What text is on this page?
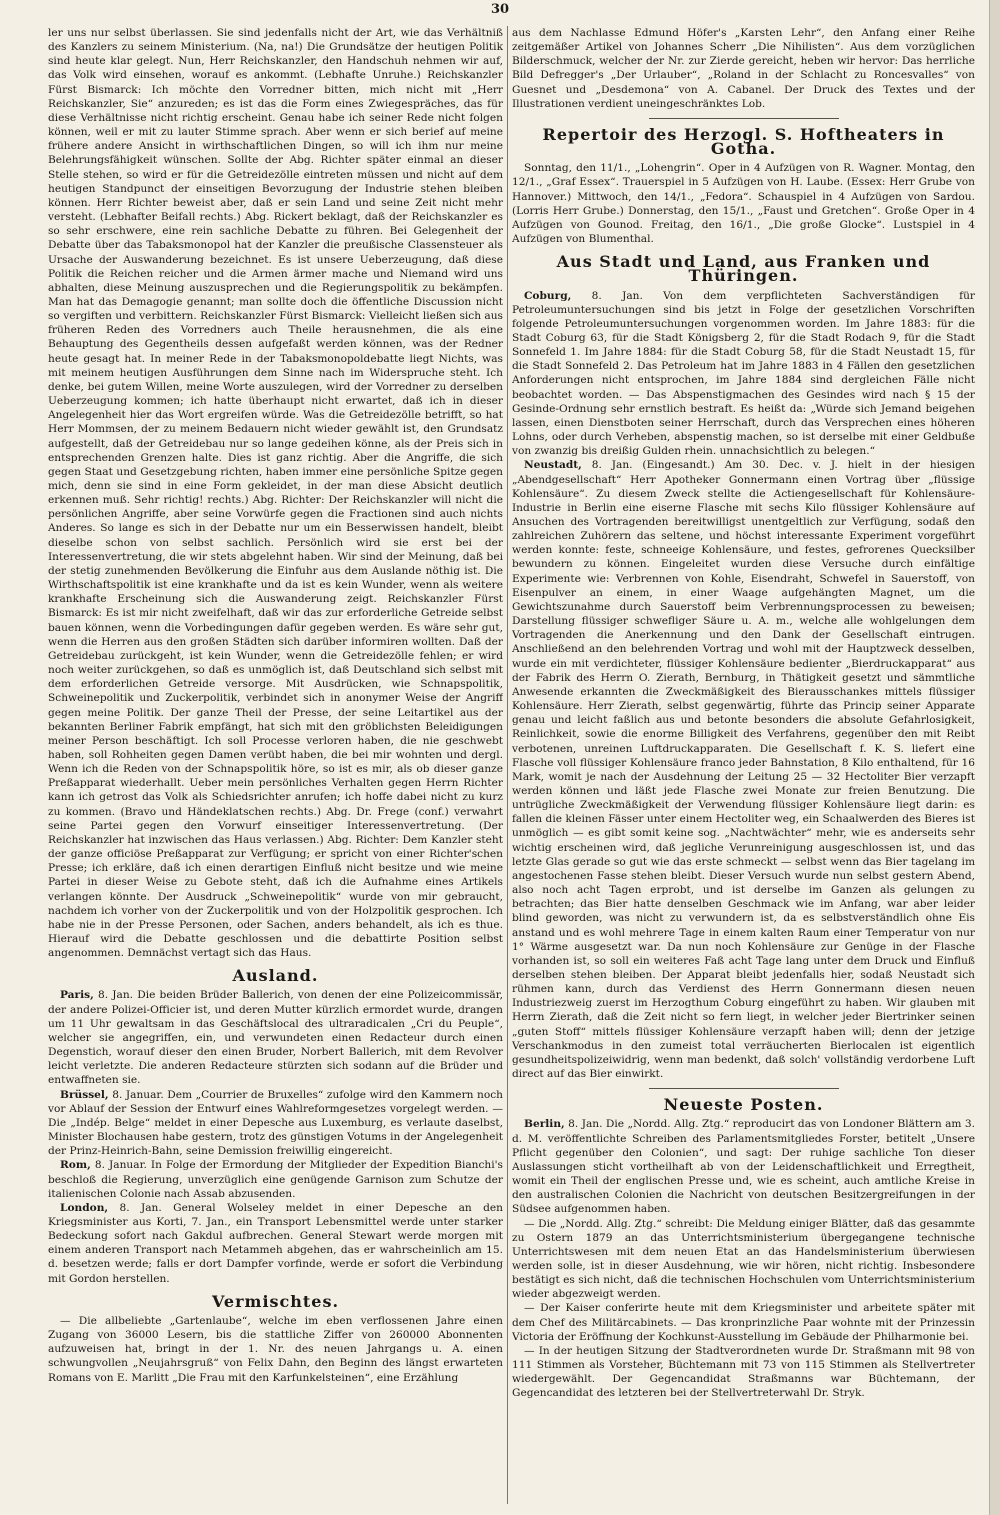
30

ler uns nur selbst überlassen. Sie sind jedenfalls nicht der Art, wie das Verhältniß des Kanzlers zu seinem Ministerium. (Na, na!) Die Grundsätze der heutigen Politik sind heute klar gelegt. Nun, Herr Reichskanzler, den Handschuh nehmen wir auf, das Volk wird einsehen, worauf es ankommt. (Lebhafte Unruhe.) Reichskanzler Fürst Bismarck: Ich möchte den Vorredner bitten, mich nicht mit „Herr Reichskanzler, Sie“ anzureden; es ist das die Form eines Zwiegespräches, das für diese Verhältnisse nicht richtig erscheint. Genau habe ich seiner Rede nicht folgen können, weil er mit zu lauter Stimme sprach. Aber wenn er sich berief auf meine frühere andere Ansicht in wirthschaftlichen Dingen, so will ich ihm nur meine Belehrungsfähigkeit wünschen. Sollte der Abg. Richter später einmal an dieser Stelle stehen, so wird er für die Getreidezölle eintreten müssen und nicht auf dem heutigen Standpunct der einseitigen Bevorzugung der Industrie stehen bleiben können. Herr Richter beweist aber, daß er sein Land und seine Zeit nicht mehr versteht. (Lebhafter Beifall rechts.) Abg. Rickert beklagt, daß der Reichskanzler es so sehr erschwere, eine rein sachliche Debatte zu führen. Bei Gelegenheit der Debatte über das Tabaksmonopol hat der Kanzler die preußische Classensteuer als Ursache der Auswanderung bezeichnet. Es ist unsere Ueberzeugung, daß diese Politik die Reichen reicher und die Armen ärmer mache und Niemand wird uns abhalten, diese Meinung auszusprechen und die Regierungspolitik zu bekämpfen. Man hat das Demagogie genannt; man sollte doch die öffentliche Discussion nicht so vergiften und verbittern. Reichskanzler Fürst Bismarck: Vielleicht ließen sich aus früheren Reden des Vorredners auch Theile herausnehmen, die als eine Behauptung des Gegentheils dessen aufgefaßt werden können, was der Redner heute gesagt hat. In meiner Rede in der Tabaksmonopoldebatte liegt Nichts, was mit meinem heutigen Ausführungen dem Sinne nach im Widerspruche steht. Ich denke, bei gutem Willen, meine Worte auszulegen, wird der Vorredner zu derselben Ueberzeugung kommen; ich hatte überhaupt nicht erwartet, daß ich in dieser Angelegenheit hier das Wort ergreifen würde. Was die Getreidezölle betrifft, so hat Herr Mommsen, der zu meinem Bedauern nicht wieder gewählt ist, den Grundsatz aufgestellt, daß der Getreidebau nur so lange gedeihen könne, als der Preis sich in entsprechenden Grenzen halte. Dies ist ganz richtig. Aber die Angriffe, die sich gegen Staat und Gesetzgebung richten, haben immer eine persönliche Spitze gegen mich, denn sie sind in eine Form gekleidet, in der man diese Absicht deutlich erkennen muß. Sehr richtig! rechts.) Abg. Richter: Der Reichskanzler will nicht die persönlichen Angriffe, aber seine Vorwürfe gegen die Fractionen sind auch nichts Anderes. So lange es sich in der Debatte nur um ein Besserwissen handelt, bleibt dieselbe schon von selbst sachlich. Persönlich wird sie erst bei der Interessenvertretung, die wir stets abgelehnt haben. Wir sind der Meinung, daß bei der stetig zunehmenden Bevölkerung die Einfuhr aus dem Auslande nöthig ist. Die Wirthschaftspolitik ist eine krankhafte und da ist es kein Wunder, wenn als weitere krankhafte Erscheinung sich die Auswanderung zeigt. Reichskanzler Fürst Bismarck: Es ist mir nicht zweifelhaft, daß wir das zur erforderliche Getreide selbst bauen können, wenn die Vorbedingungen dafür gegeben werden. Es wäre sehr gut, wenn die Herren aus den großen Städten sich darüber informiren wollten. Daß der Getreidebau zurückgeht, ist kein Wunder, wenn die Getreidezölle fehlen; er wird noch weiter zurückgehen, so daß es unmöglich ist, daß Deutschland sich selbst mit dem erforderlichen Getreide versorge. Mit Ausdrücken, wie Schnapspolitik, Schweinepolitik und Zuckerpolitik, verbindet sich in anonymer Weise der Angriff gegen meine Politik. Der ganze Theil der Presse, der seine Leitartikel aus der bekannten Berliner Fabrik empfängt, hat sich mit den gröblichsten Beleidigungen meiner Person beschäftigt. Ich soll Processe verloren haben, die nie geschwebt haben, soll Rohheiten gegen Damen verübt haben, die bei mir wohnten und dergl. Wenn ich die Reden von der Schnapspolitik höre, so ist es mir, als ob dieser ganze Preßapparat wiederhallt. Ueber mein persönliches Verhalten gegen Herrn Richter kann ich getrost das Volk als Schiedsrichter anrufen; ich hoffe dabei nicht zu kurz zu kommen. (Bravo und Händeklatschen rechts.) Abg. Dr. Frege (conf.) verwahrt seine Partei gegen den Vorwurf einseitiger Interessenvertretung. (Der Reichskanzler hat inzwischen das Haus verlassen.) Abg. Richter: Dem Kanzler steht der ganze officiöse Preßapparat zur Verfügung; er spricht von einer Richter'schen Presse; ich erkläre, daß ich einen derartigen Einfluß nicht besitze und wie meine Partei in dieser Weise zu Gebote steht, daß ich die Aufnahme eines Artikels verlangen könnte. Der Ausdruck „Schweinepolitik“ wurde von mir gebraucht, nachdem ich vorher von der Zuckerpolitik und von der Holzpolitik gesprochen. Ich habe nie in der Presse Personen, oder Sachen, anders behandelt, als ich es thue. Hierauf wird die Debatte geschlossen und die debattirte Position selbst angenommen. Demnächst vertagt sich das Haus.

Ausland.

Paris, 8. Jan. Die beiden Brüder Ballerich, von denen der eine Polizeicommissär, der andere Polizei-Officier ist, und deren Mutter kürzlich ermordet wurde, drangen um 11 Uhr gewaltsam in das Geschäftslocal des ultraradicalen „Cri du Peuple“, welcher sie angegriffen, ein, und verwundeten einen Redacteur durch einen Degenstich, worauf dieser den einen Bruder, Norbert Ballerich, mit dem Revolver leicht verletzte. Die anderen Redacteure stürzten sich sodann auf die Brüder und entwaffneten sie.

Brüssel, 8. Januar. Dem „Courrier de Bruxelles“ zufolge wird den Kammern noch vor Ablauf der Session der Entwurf eines Wahlreformgesetzes vorgelegt werden. — Die „Indép. Belge“ meldet in einer Depesche aus Luxemburg, es verlaute daselbst, Minister Blochausen habe gestern, trotz des günstigen Votums in der Angelegenheit der Prinz-Heinrich-Bahn, seine Demission freiwillig eingereicht.

Rom, 8. Januar. In Folge der Ermordung der Mitglieder der Expedition Bianchi's beschloß die Regierung, unverzüglich eine genügende Garnison zum Schutze der italienischen Colonie nach Assab abzusenden.

London, 8. Jan. General Wolseley meldet in einer Depesche an den Kriegsminister aus Korti, 7. Jan., ein Transport Lebensmittel werde unter starker Bedeckung sofort nach Gakdul aufbrechen. General Stewart werde morgen mit einem anderen Transport nach Metammeh abgehen, das er wahrscheinlich am 15. d. besetzen werde; falls er dort Dampfer vorfinde, werde er sofort die Verbindung mit Gordon herstellen.

Vermischtes.

— Die allbeliebte „Gartenlaube“, welche im eben verflossenen Jahre einen Zugang von 36000 Lesern, bis die stattliche Ziffer von 260000 Abonnenten aufzuweisen hat, bringt in der 1. Nr. des neuen Jahrgangs u. A. einen schwungvollen „Neujahrsgruß“ von Felix Dahn, den Beginn des längst erwarteten Romans von E. Marlitt „Die Frau mit den Karfunkelsteinen“, eine Erzählung

aus dem Nachlasse Edmund Höfer's „Karsten Lehr“, den Anfang einer Reihe zeitgemäßer Artikel von Johannes Scherr „Die Nihilisten“. Aus dem vorzüglichen Bilderschmuck, welcher der Nr. zur Zierde gereicht, heben wir hervor: Das herrliche Bild Defregger's „Der Urlauber“, „Roland in der Schlacht zu Roncesvalles“ von Guesnet und „Desdemona“ von A. Cabanel. Der Druck des Textes und der Illustrationen verdient uneingeschränktes Lob.

Repertoir des Herzogl. S. Hoftheaters in Gotha.

Sonntag, den 11/1., „Lohengrin“. Oper in 4 Aufzügen von R. Wagner. Montag, den 12/1., „Graf Essex“. Trauerspiel in 5 Aufzügen von H. Laube. (Essex: Herr Grube von Hannover.) Mittwoch, den 14/1., „Fedora“. Schauspiel in 4 Aufzügen von Sardou. (Lorris Herr Grube.) Donnerstag, den 15/1., „Faust und Gretchen“. Große Oper in 4 Aufzügen von Gounod. Freitag, den 16/1., „Die große Glocke“. Lustspiel in 4 Aufzügen von Blumenthal.

Aus Stadt und Land, aus Franken und Thüringen.

Coburg, 8. Jan. Von dem verpflichteten Sachverständigen für Petroleumuntersuchungen sind bis jetzt in Folge der gesetzlichen Vorschriften folgende Petroleumuntersuchungen vorgenommen worden. Im Jahre 1883: für die Stadt Coburg 63, für die Stadt Königsberg 2, für die Stadt Rodach 9, für die Stadt Sonnefeld 1. Im Jahre 1884: für die Stadt Coburg 58, für die Stadt Neustadt 15, für die Stadt Sonnefeld 2. Das Petroleum hat im Jahre 1883 in 4 Fällen den gesetzlichen Anforderungen nicht entsprochen, im Jahre 1884 sind dergleichen Fälle nicht beobachtet worden. — Das Abspenstigmachen des Gesindes wird nach § 15 der Gesinde-Ordnung sehr ernstlich bestraft. Es heißt da: „Würde sich Jemand beigehen lassen, einen Dienstboten seiner Herrschaft, durch das Versprechen eines höheren Lohns, oder durch Verheben, abspenstig machen, so ist derselbe mit einer Geldbuße von zwanzig bis dreißig Gulden rhein. unnachsichtlich zu belegen.“

Neustadt, 8. Jan. (Eingesandt.) Am 30. Dec. v. J. hielt in der hiesigen „Abendgesellschaft“ Herr Apotheker Gonnermann einen Vortrag über „flüssige Kohlensäure“. Zu diesem Zweck stellte die Actiengesellschaft für Kohlensäure-Industrie in Berlin eine eiserne Flasche mit sechs Kilo flüssiger Kohlensäure auf Ansuchen des Vortragenden bereitwilligst unentgeltlich zur Verfügung, sodaß den zahlreichen Zuhörern das seltene, und höchst interessante Experiment vorgeführt werden konnte: feste, schneeige Kohlensäure, und festes, gefrorenes Quecksilber bewundern zu können. Eingeleitet wurden diese Versuche durch einfältige Experimente wie: Verbrennen von Kohle, Eisendraht, Schwefel in Sauerstoff, von Eisenpulver an einem, in einer Waage aufgehängten Magnet, um die Gewichtszunahme durch Sauerstoff beim Verbrennungsprocessen zu beweisen; Darstellung flüssiger schwefliger Säure u. A. m., welche alle wohlgelungen dem Vortragenden die Anerkennung und den Dank der Gesellschaft eintrugen. Anschließend an den belehrenden Vortrag und wohl mit der Hauptzweck desselben, wurde ein mit verdichteter, flüssiger Kohlensäure bedienter „Bierdruckapparat“ aus der Fabrik des Herrn O. Zierath, Bernburg, in Thätigkeit gesetzt und sämmtliche Anwesende erkannten die Zweckmäßigkeit des Bierausschankes mittels flüssiger Kohlensäure. Herr Zierath, selbst gegenwärtig, führte das Princip seiner Apparate genau und leicht faßlich aus und betonte besonders die absolute Gefahrlosigkeit, Reinlichkeit, sowie die enorme Billigkeit des Verfahrens, gegenüber den mit Reibt verbotenen, unreinen Luftdruckapparaten. Die Gesellschaft f. K. S. liefert eine Flasche voll flüssiger Kohlensäure franco jeder Bahnstation, 8 Kilo enthaltend, für 16 Mark, womit je nach der Ausdehnung der Leitung 25 — 32 Hectoliter Bier verzapft werden können und läßt jede Flasche zwei Monate zur freien Benutzung. Die untrügliche Zweckmäßigkeit der Verwendung flüssiger Kohlensäure liegt darin: es fallen die kleinen Fässer unter einem Hectoliter weg, ein Schaalwerden des Bieres ist unmöglich — es gibt somit keine sog. „Nachtwächter“ mehr, wie es anderseits sehr wichtig erscheinen wird, daß jegliche Verunreinigung ausgeschlossen ist, und das letzte Glas gerade so gut wie das erste schmeckt — selbst wenn das Bier tagelang im angestochenen Fasse stehen bleibt. Dieser Versuch wurde nun selbst gestern Abend, also noch acht Tagen erprobt, und ist derselbe im Ganzen als gelungen zu betrachten; das Bier hatte denselben Geschmack wie im Anfang, war aber leider blind geworden, was nicht zu verwundern ist, da es selbstverständlich ohne Eis anstand und es wohl mehrere Tage in einem kalten Raum einer Temperatur von nur 1° Wärme ausgesetzt war. Da nun noch Kohlensäure zur Genüge in der Flasche vorhanden ist, so soll ein weiteres Faß acht Tage lang unter dem Druck und Einfluß derselben stehen bleiben. Der Apparat bleibt jedenfalls hier, sodaß Neustadt sich rühmen kann, durch das Verdienst des Herrn Gonnermann diesen neuen Industriezweig zuerst im Herzogthum Coburg eingeführt zu haben. Wir glauben mit Herrn Zierath, daß die Zeit nicht so fern liegt, in welcher jeder Biertrinker seinen „guten Stoff“ mittels flüssiger Kohlensäure verzapft haben will; denn der jetzige Verschankmodus in den zumeist total verräucherten Bierlocalen ist eigentlich gesundheitspolizeiwidrig, wenn man bedenkt, daß solch' vollständig verdorbene Luft direct auf das Bier einwirkt.

Neueste Posten.

Berlin, 8. Jan. Die „Nordd. Allg. Ztg.“ reproducirt das von Londoner Blättern am 3. d. M. veröffentlichte Schreiben des Parlamentsmitgliedes Forster, betitelt „Unsere Pflicht gegenüber den Colonien“, und sagt: Der ruhige sachliche Ton dieser Auslassungen sticht vortheilhaft ab von der Leidenschaftlichkeit und Erregtheit, womit ein Theil der englischen Presse und, wie es scheint, auch amtliche Kreise in den australischen Colonien die Nachricht von deutschen Besitzergreifungen in der Südsee aufgenommen haben.

— Die „Nordd. Allg. Ztg.“ schreibt: Die Meldung einiger Blätter, daß das gesammte zu Ostern 1879 an das Unterrichtsministerium übergegangene technische Unterrichtswesen mit dem neuen Etat an das Handelsministerium überwiesen werden solle, ist in dieser Ausdehnung, wie wir hören, nicht richtig. Insbesondere bestätigt es sich nicht, daß die technischen Hochschulen vom Unterrichtsministerium wieder abgezweigt werden.

— Der Kaiser conferirte heute mit dem Kriegsminister und arbeitete später mit dem Chef des Militärcabinets. — Das kronprinzliche Paar wohnte mit der Prinzessin Victoria der Eröffnung der Kochkunst-Ausstellung im Gebäude der Philharmonie bei.

— In der heutigen Sitzung der Stadtverordneten wurde Dr. Straßmann mit 98 von 111 Stimmen als Vorsteher, Büchtemann mit 73 von 115 Stimmen als Stellvertreter wiedergewählt. Der Gegencandidat Straßmanns war Büchtemann, der Gegencandidat des letzteren bei der Stellvertreterwahl Dr. Stryk.
